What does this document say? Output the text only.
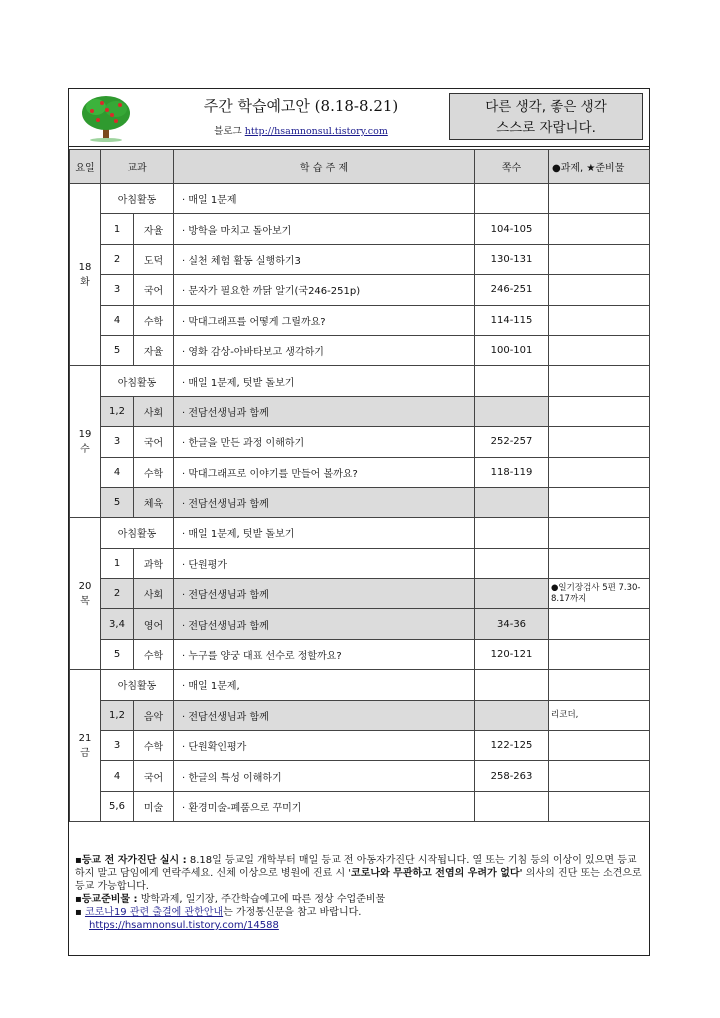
주간 학습예고안 (8.18-8.21)
블로그 http://hsamnonsul.tistory.com
다른 생각, 좋은 생각
스스로 자랍니다.
요일	교과		학 습 주 제	쪽수	●과제, ★준비물

18
화	아침활동		· 매일 1문제		
	1	자율	· 방학을 마치고 돌아보기	104-105	
	2	도덕	· 실천 체험 활동 실행하기3	130-131	
	3	국어	· 문자가 필요한 까닭 알기(국246-251p)	246-251	
	4	수학	· 막대그래프를 어떻게 그릴까요?	114-115	
	5	자율	· 영화 감상-아바타보고 생각하기	100-101	

19
수	아침활동		· 매일 1문제, 텃밭 돌보기		
	1,2	사회	· 전담선생님과 함께		
	3	국어	· 한글을 만든 과정 이해하기	252-257	
	4	수학	· 막대그래프로 이야기를 만들어 볼까요?	118-119	
	5	체육	· 전담선생님과 함께		

20
목	아침활동		· 매일 1문제, 텃밭 돌보기		
	1	과학	· 단원평가		
	2	사회	· 전담선생님과 함께		●일기장검사 5편 7.30-8.17까지
	3,4	영어	· 전담선생님과 함께	34-36	
	5	수학	· 누구를 양궁 대표 선수로 정할까요?	120-121	

21
금	아침활동		· 매일 1문제,		
	1,2	음악	· 전담선생님과 함께		리코더,
	3	수학	· 단원확인평가	122-125	
	4	국어	· 한글의 특성 이해하기	258-263	
	5,6	미술	· 환경미술-폐품으로 꾸미기		

▪등교 전 자가진단 실시 : 8.18일 등교일 개학부터 매일 등교 전 아동자가진단 시작됩니다. 열 또는 기침 등의 이상이 있으면 등교 하지 말고 담임에게 연락주세요. 신체 이상으로 병원에 진료 시 '코로나와 무관하고 전염의 우려가 없다' 의사의 진단 또는 소견으로 등교 가능합니다.

▪등교준비물 : 방학과제, 일기장, 주간학습예고에 따른 정상 수업준비물

▪ 코로나19 관련 출결에 관한안내는 가정통신문을 참고 바랍니다.

https://hsamnonsul.tistory.com/14588
